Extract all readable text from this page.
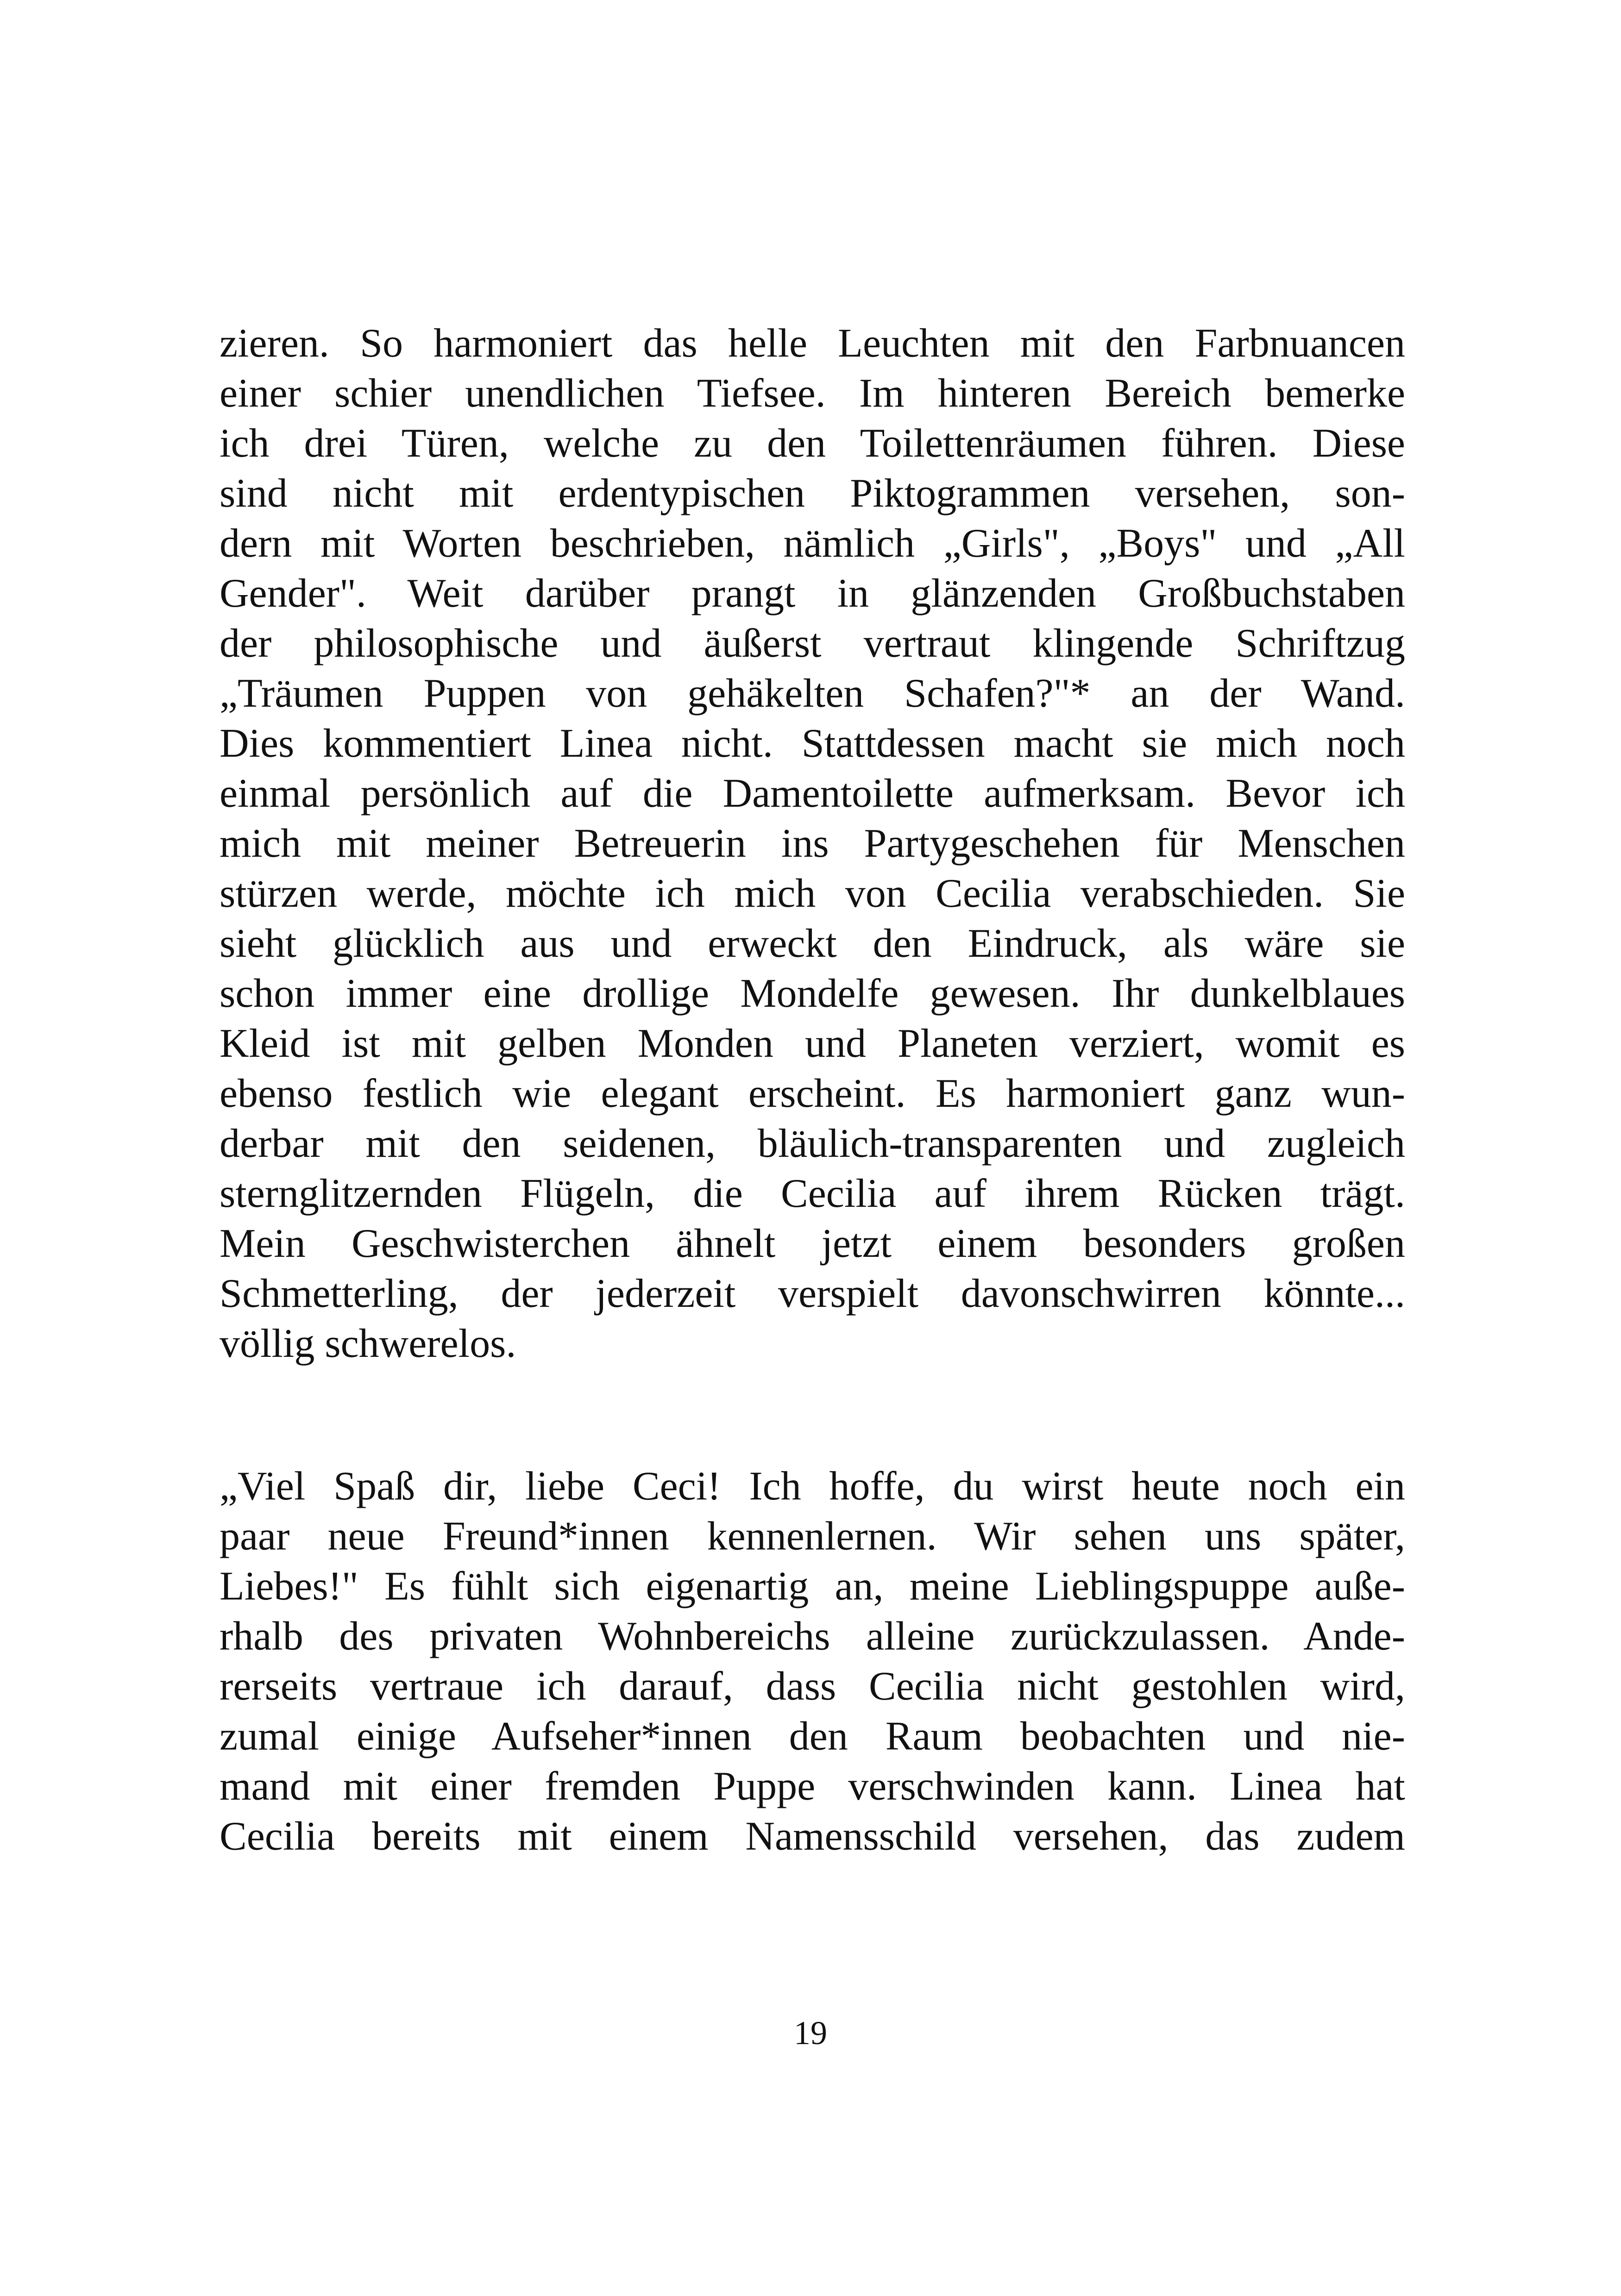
zieren. So harmoniert das helle Leuchten mit den Farbnuancen
einer schier unendlichen Tiefsee. Im hinteren Bereich bemerke
ich drei Türen, welche zu den Toilettenräumen führen. Diese
sind nicht mit erdentypischen Piktogrammen versehen, son-
dern mit Worten beschrieben, nämlich „Girls", „Boys" und „All
Gender". Weit darüber prangt in glänzenden Großbuchstaben
der philosophische und äußerst vertraut klingende Schriftzug
„Träumen Puppen von gehäkelten Schafen?"* an der Wand.
Dies kommentiert Linea nicht. Stattdessen macht sie mich noch
einmal persönlich auf die Damentoilette aufmerksam. Bevor ich
mich mit meiner Betreuerin ins Partygeschehen für Menschen
stürzen werde, möchte ich mich von Cecilia verabschieden. Sie
sieht glücklich aus und erweckt den Eindruck, als wäre sie
schon immer eine drollige Mondelfe gewesen. Ihr dunkelblaues
Kleid ist mit gelben Monden und Planeten verziert, womit es
ebenso festlich wie elegant erscheint. Es harmoniert ganz wun-
derbar mit den seidenen, bläulich-transparenten und zugleich
sternglitzernden Flügeln, die Cecilia auf ihrem Rücken trägt.
Mein Geschwisterchen ähnelt jetzt einem besonders großen
Schmetterling, der jederzeit verspielt davonschwirren könnte...
völlig schwerelos.
„Viel Spaß dir, liebe Ceci! Ich hoffe, du wirst heute noch ein
paar neue Freund*innen kennenlernen. Wir sehen uns später,
Liebes!" Es fühlt sich eigenartig an, meine Lieblingspuppe auße-
rhalb des privaten Wohnbereichs alleine zurückzulassen. Ande-
rerseits vertraue ich darauf, dass Cecilia nicht gestohlen wird,
zumal einige Aufseher*innen den Raum beobachten und nie-
mand mit einer fremden Puppe verschwinden kann. Linea hat
Cecilia bereits mit einem Namensschild versehen, das zudem
19
